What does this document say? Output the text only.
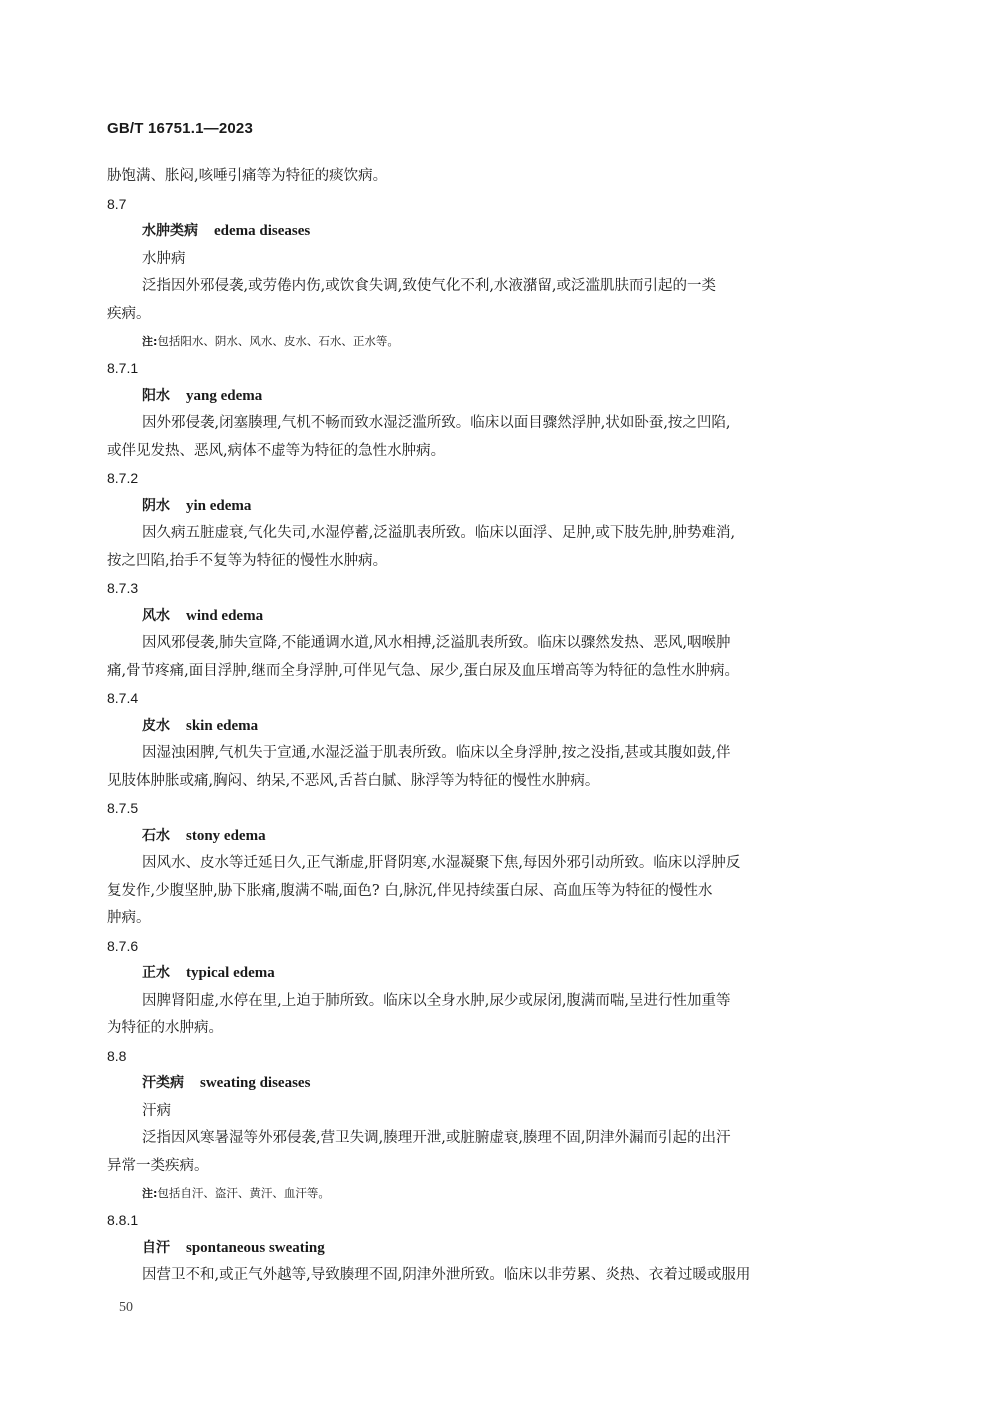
GB/T 16751.1—2023
胁饱满、胀闷,咳唾引痛等为特征的痰饮病。
8.7
水肿类病 edema diseases
水肿病
泛指因外邪侵袭,或劳倦内伤,或饮食失调,致使气化不利,水液潴留,或泛滥肌肤而引起的一类
疾病。
注:包括阳水、阴水、风水、皮水、石水、正水等。
8.7.1
阳水 yang edema
因外邪侵袭,闭塞腠理,气机不畅而致水湿泛滥所致。临床以面目骤然浮肿,状如卧蚕,按之凹陷,
或伴见发热、恶风,病体不虚等为特征的急性水肿病。
8.7.2
阴水 yin edema
因久病五脏虚衰,气化失司,水湿停蓄,泛溢肌表所致。临床以面浮、足肿,或下肢先肿,肿势难消,
按之凹陷,抬手不复等为特征的慢性水肿病。
8.7.3
风水 wind edema
因风邪侵袭,肺失宣降,不能通调水道,风水相搏,泛溢肌表所致。临床以骤然发热、恶风,咽喉肿
痛,骨节疼痛,面目浮肿,继而全身浮肿,可伴见气急、尿少,蛋白尿及血压增高等为特征的急性水肿病。
8.7.4
皮水 skin edema
因湿浊困脾,气机失于宣通,水湿泛溢于肌表所致。临床以全身浮肿,按之没指,甚或其腹如鼓,伴
见肢体肿胀或痛,胸闷、纳呆,不恶风,舌苔白腻、脉浮等为特征的慢性水肿病。
8.7.5
石水 stony edema
因风水、皮水等迁延日久,正气渐虚,肝肾阴寒,水湿凝聚下焦,每因外邪引动所致。临床以浮肿反
复发作,少腹坚肿,胁下胀痛,腹满不喘,面色? 白,脉沉,伴见持续蛋白尿、高血压等为特征的慢性水
肿病。
8.7.6
正水 typical edema
因脾肾阳虚,水停在里,上迫于肺所致。临床以全身水肿,尿少或尿闭,腹满而喘,呈进行性加重等
为特征的水肿病。
8.8
汗类病 sweating diseases
汗病
泛指因风寒暑湿等外邪侵袭,营卫失调,腠理开泄,或脏腑虚衰,腠理不固,阴津外漏而引起的出汗
异常一类疾病。
注:包括自汗、盗汗、黄汗、血汗等。
8.8.1
自汗 spontaneous sweating
因营卫不和,或正气外越等,导致腠理不固,阴津外泄所致。临床以非劳累、炎热、衣着过暖或服用
50
